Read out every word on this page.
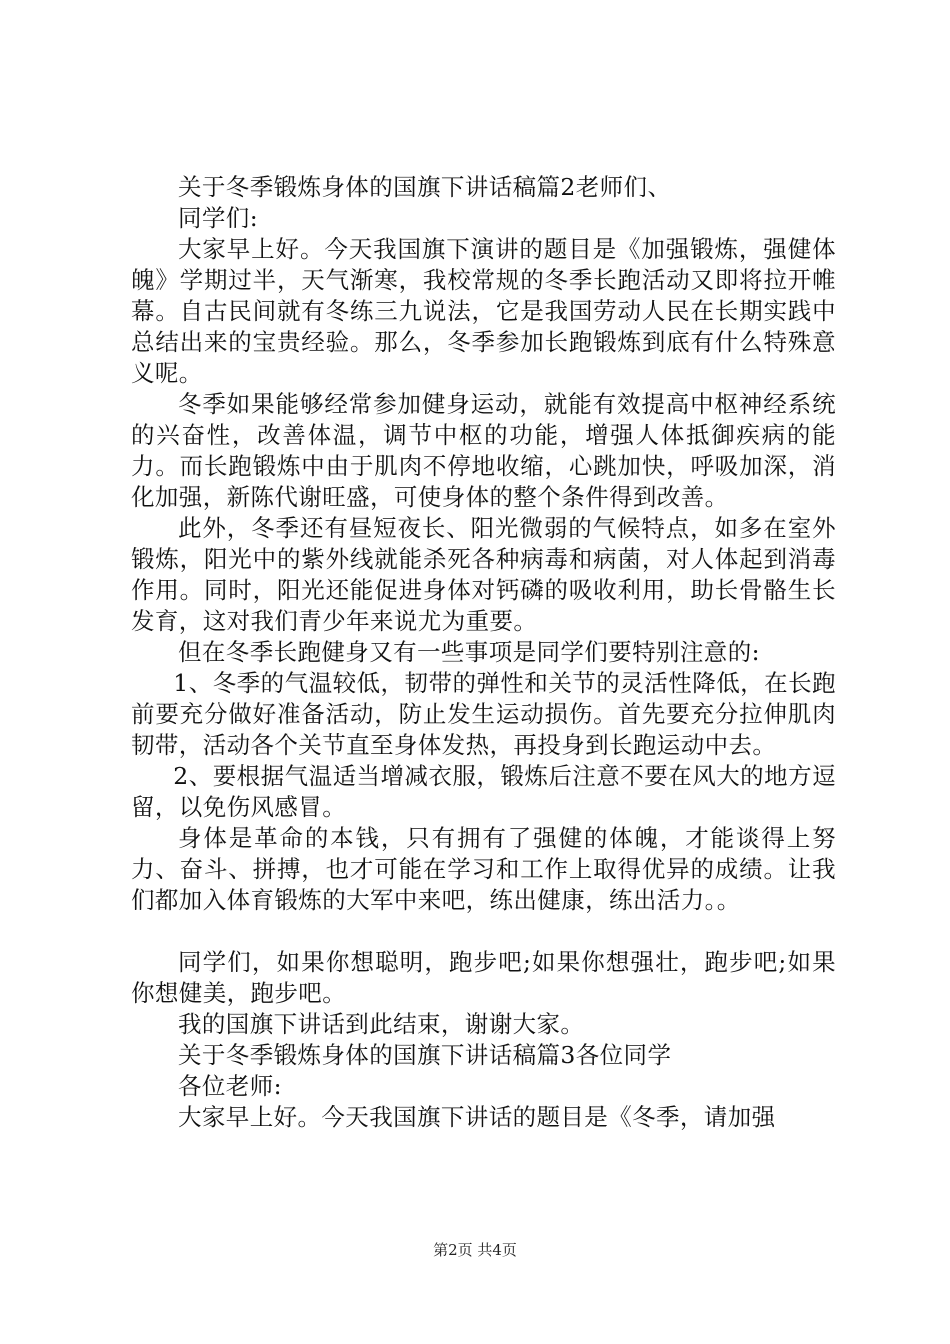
关于冬季锻炼身体的国旗下讲话稿篇2老师们、

同学们:

大家早上好。今天我国旗下演讲的题目是《加强锻炼，强健体魄》学期过半，天气渐寒，我校常规的冬季长跑活动又即将拉开帷幕。自古民间就有冬练三九说法，它是我国劳动人民在长期实践中总结出来的宝贵经验。那么，冬季参加长跑锻炼到底有什么特殊意义呢。

冬季如果能够经常参加健身运动，就能有效提高中枢神经系统的兴奋性，改善体温，调节中枢的功能，增强人体抵御疾病的能力。而长跑锻炼中由于肌肉不停地收缩，心跳加快，呼吸加深，消化加强，新陈代谢旺盛，可使身体的整个条件得到改善。

此外，冬季还有昼短夜长、阳光微弱的气候特点，如多在室外锻炼，阳光中的紫外线就能杀死各种病毒和病菌，对人体起到消毒作用。同时，阳光还能促进身体对钙磷的吸收利用，助长骨骼生长发育，这对我们青少年来说尤为重要。

但在冬季长跑健身又有一些事项是同学们要特别注意的:

1、冬季的气温较低，韧带的弹性和关节的灵活性降低，在长跑前要充分做好准备活动，防止发生运动损伤。首先要充分拉伸肌肉韧带，活动各个关节直至身体发热，再投身到长跑运动中去。

2、要根据气温适当增减衣服，锻炼后注意不要在风大的地方逗留，以免伤风感冒。

身体是革命的本钱，只有拥有了强健的体魄，才能谈得上努力、奋斗、拼搏，也才可能在学习和工作上取得优异的成绩。让我们都加入体育锻炼的大军中来吧，练出健康，练出活力。。

同学们，如果你想聪明，跑步吧;如果你想强壮，跑步吧;如果你想健美，跑步吧。

我的国旗下讲话到此结束，谢谢大家。

关于冬季锻炼身体的国旗下讲话稿篇3各位同学

各位老师:

大家早上好。今天我国旗下讲话的题目是《冬季，请加强

第2页 共4页
